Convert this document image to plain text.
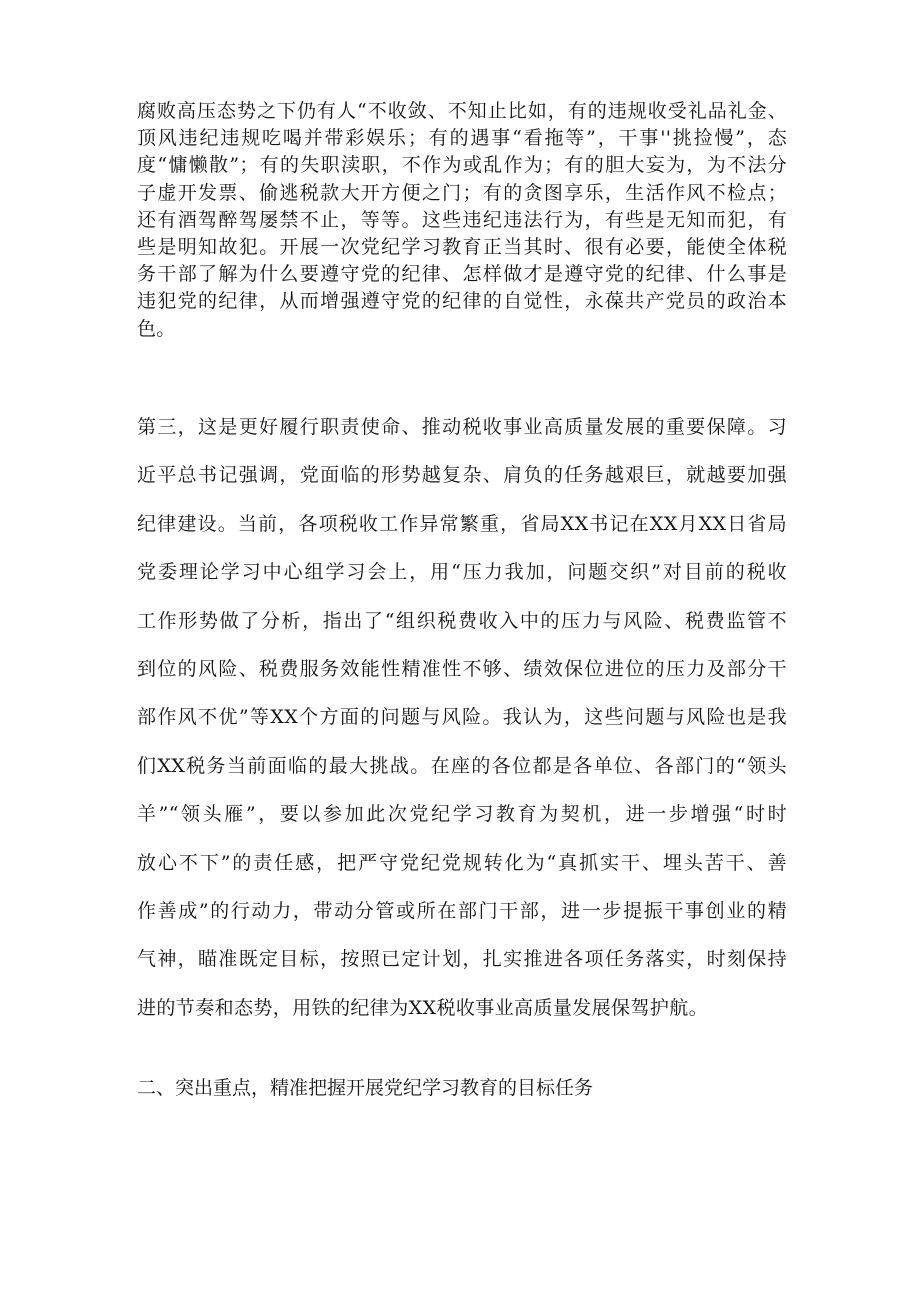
腐败高压态势之下仍有人“不收敛、不知止比如，有的违规收受礼品礼金、
顶风违纪违规吃喝并带彩娱乐；有的遇事“看拖等”，干事''挑捡慢”，态
度“慵懒散”；有的失职渎职，不作为或乱作为；有的胆大妄为，为不法分
子虚开发票、偷逃税款大开方便之门；有的贪图享乐，生活作风不检点；
还有酒驾醉驾屡禁不止，等等。这些违纪违法行为，有些是无知而犯，有
些是明知故犯。开展一次党纪学习教育正当其时、很有必要，能使全体税
务干部了解为什么要遵守党的纪律、怎样做才是遵守党的纪律、什么事是
违犯党的纪律，从而增强遵守党的纪律的自觉性，永葆共产党员的政治本
色。

第三，这是更好履行职责使命、推动税收事业高质量发展的重要保障。习
近平总书记强调，党面临的形势越复杂、肩负的任务越艰巨，就越要加强
纪律建设。当前，各项税收工作异常繁重，省局XX书记在XX月XX日省局
党委理论学习中心组学习会上，用“压力我加，问题交织”对目前的税收
工作形势做了分析，指出了“组织税费收入中的压力与风险、税费监管不
到位的风险、税费服务效能性精准性不够、绩效保位进位的压力及部分干
部作风不优”等XX个方面的问题与风险。我认为，这些问题与风险也是我
们XX税务当前面临的最大挑战。在座的各位都是各单位、各部门的“领头
羊”“领头雁”，要以参加此次党纪学习教育为契机，进一步增强“时时
放心不下”的责任感，把严守党纪党规转化为“真抓实干、埋头苦干、善
作善成”的行动力，带动分管或所在部门干部，进一步提振干事创业的精
气神，瞄准既定目标，按照已定计划，扎实推进各项任务落实，时刻保持
进的节奏和态势，用铁的纪律为XX税收事业高质量发展保驾护航。

二、突出重点，精准把握开展党纪学习教育的目标任务
